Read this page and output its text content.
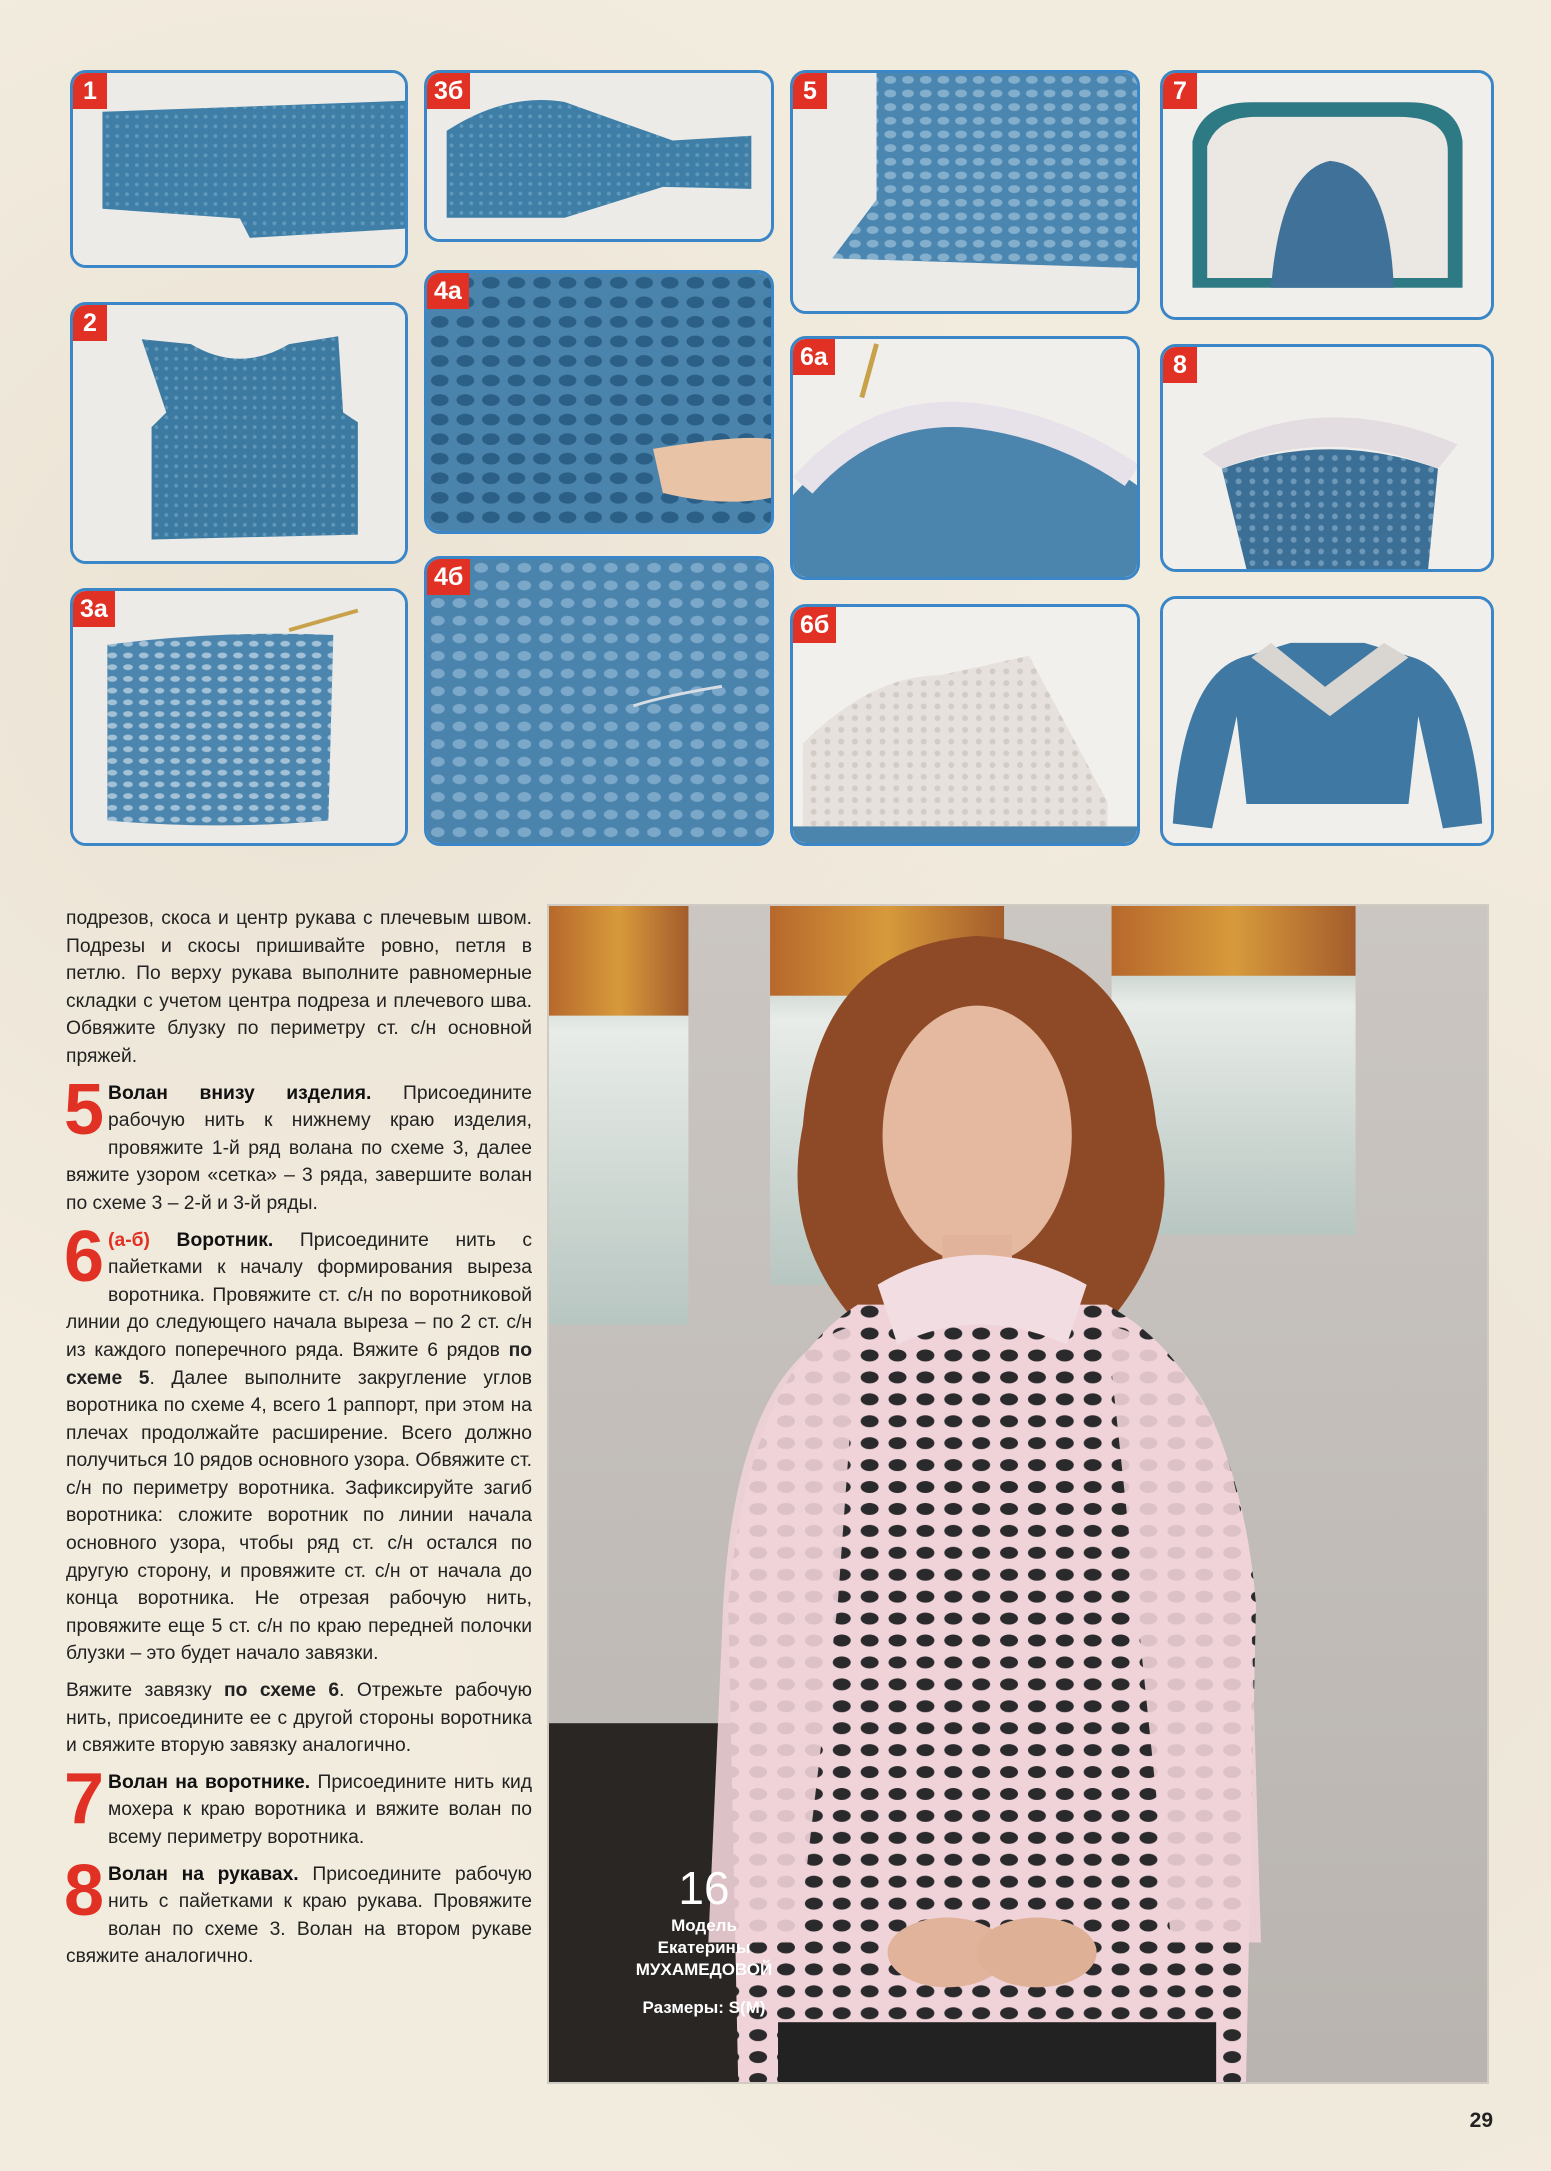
1
2
3а
3б
4а
4б
5
6а
6б
7
8

подрезов, скоса и центр рукава с плечевым швом. Подрезы и скосы пришивайте ровно, петля в петлю. По верху рукава выполните равномерные складки с учетом центра подреза и плечевого шва. Обвяжите блузку по периметру ст. с/н основной пряжей.

5 Волан внизу изделия. Присоедините рабочую нить к нижнему краю изделия, провяжите 1-й ряд волана по схеме 3, далее вяжите узором «сетка» – 3 ряда, завершите волан по схеме 3 – 2-й и 3-й ряды.

6 (а-б) Воротник. Присоедините нить с пайетками к началу формирования выреза воротника. Провяжите ст. с/н по воротниковой линии до следующего начала выреза – по 2 ст. с/н из каждого поперечного ряда. Вяжите 6 рядов по схеме 5. Далее выполните закругление углов воротника по схеме 4, всего 1 раппорт, при этом на плечах продолжайте расширение. Всего должно получиться 10 рядов основного узора. Обвяжите ст. с/н по периметру воротника. Зафиксируйте загиб воротника: сложите воротник по линии начала основного узора, чтобы ряд ст. с/н остался по другую сторону, и провяжите ст. с/н от начала до конца воротника. Не отрезая рабочую нить, провяжите еще 5 ст. с/н по краю передней полочки блузки – это будет начало завязки.

Вяжите завязку по схеме 6. Отрежьте рабочую нить, присоедините ее с другой стороны воротника и свяжите вторую завязку аналогично.

7 Волан на воротнике. Присоедините нить кид мохера к краю воротника и вяжите волан по всему периметру воротника.

8 Волан на рукавах. Присоедините рабочую нить с пайетками к краю рукава. Провяжите волан по схеме 3. Волан на втором рукаве свяжите аналогично.

16
Модель
Екатерины
МУХАМЕДОВОЙ
Размеры: S(M)
29
